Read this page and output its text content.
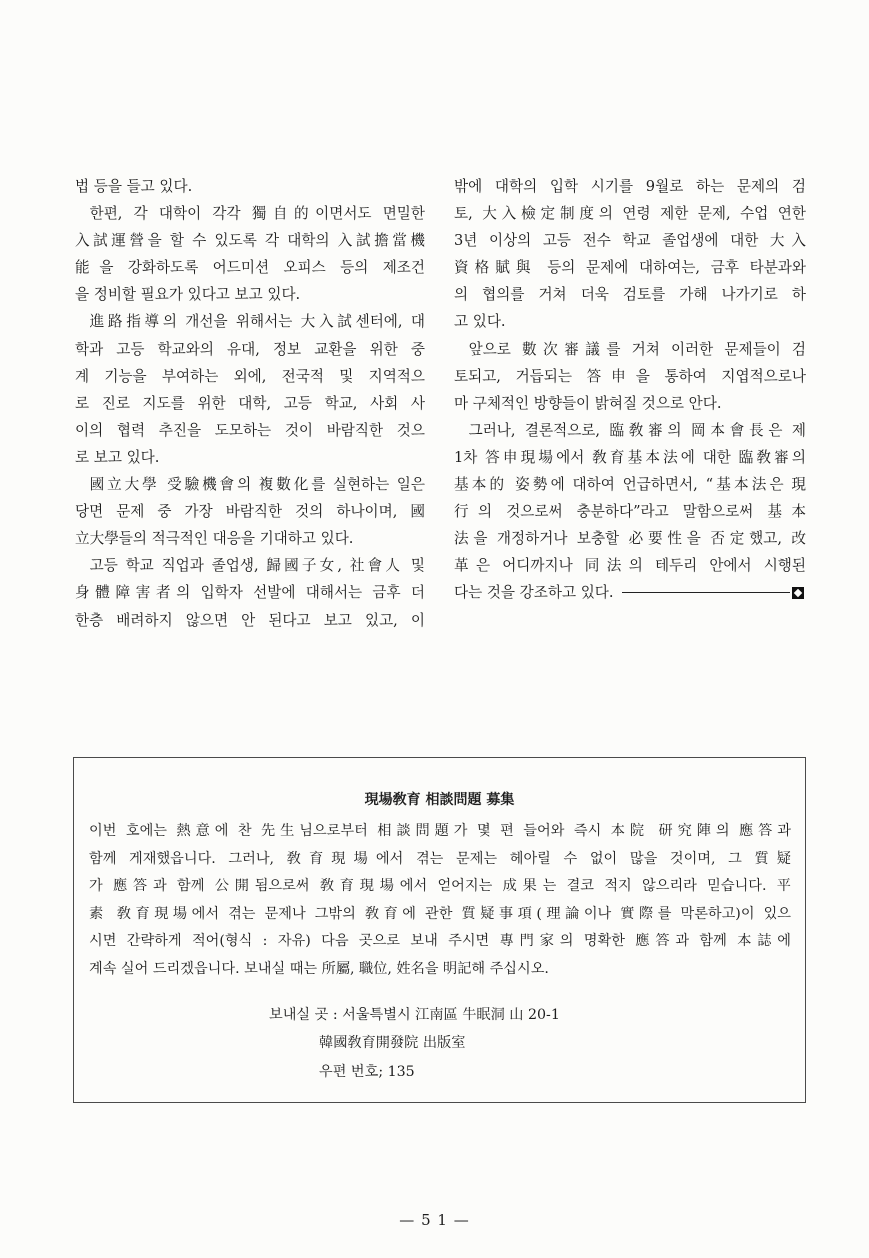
법 등을 들고 있다.
한편, 각 대학이 각각 獨自的이면서도 면밀한
入試運營을 할 수 있도록 각 대학의 入試擔當機
能을 강화하도록 어드미션 오피스 등의 제조건
을 정비할 필요가 있다고 보고 있다.
進路指導의 개선을 위해서는 大入試센터에, 대
학과 고등 학교와의 유대, 정보 교환을 위한 중
계 기능을 부여하는 외에, 전국적 및 지역적으
로 진로 지도를 위한 대학, 고등 학교, 사회 사
이의 협력 추진을 도모하는 것이 바람직한 것으
로 보고 있다.
國立大學 受驗機會의 複數化를 실현하는 일은
당면 문제 중 가장 바람직한 것의 하나이며, 國
立大學들의 적극적인 대응을 기대하고 있다.
고등 학교 직업과 졸업생, 歸國子女, 社會人 및
身體障害者의 입학자 선발에 대해서는 금후 더
한층 배려하지 않으면 안 된다고 보고 있고, 이
밖에 대학의 입학 시기를 9월로 하는 문제의 검
토, 大入檢定制度의 연령 제한 문제, 수업 연한
3년 이상의 고등 전수 학교 졸업생에 대한 大入
資格賦與 등의 문제에 대하여는, 금후 타분과와
의 협의를 거쳐 더욱 검토를 가해 나가기로 하
고 있다.
앞으로 數次審議를 거쳐 이러한 문제들이 검
토되고, 거듭되는 答申을 통하여 지엽적으로나
마 구체적인 방향들이 밝혀질 것으로 안다.
그러나, 결론적으로, 臨敎審의 岡本會長은 제
1차 答申現場에서 敎育基本法에 대한 臨敎審의
基本的 姿勢에 대하여 언급하면서, “基本法은 現
行의 것으로써 충분하다”라고 말함으로써 基本
法을 개정하거나 보충할 必要性을 否定했고, 改
革은 어디까지나 同法의 테두리 안에서 시행된
다는 것을 강조하고 있다.
現場敎育 相談問題 募集
이번 호에는 熱意에 찬 先生님으로부터 相談問題가 몇 편 들어와 즉시 本院 研究陣의 應答과
함께 게재했읍니다. 그러나, 敎育現場에서 겪는 문제는 헤아릴 수 없이 많을 것이며, 그 質疑
가 應答과 함께 公開됨으로써 敎育現場에서 얻어지는 成果는 결코 적지 않으리라 믿습니다. 平
素 敎育現場에서 겪는 문제나 그밖의 敎育에 관한 質疑事項(理論이나 實際를 막론하고)이 있으
시면 간략하게 적어(형식 : 자유) 다음 곳으로 보내 주시면 專門家의 명확한 應答과 함께 本誌에
계속 실어 드리겠읍니다. 보내실 때는 所屬, 職位, 姓名을 明記해 주십시오.
보내실 곳 : 서울특별시 江南區 牛眠洞 山 20-1
韓國敎育開發院 出版室
우편 번호; 135
— 5 1 —
